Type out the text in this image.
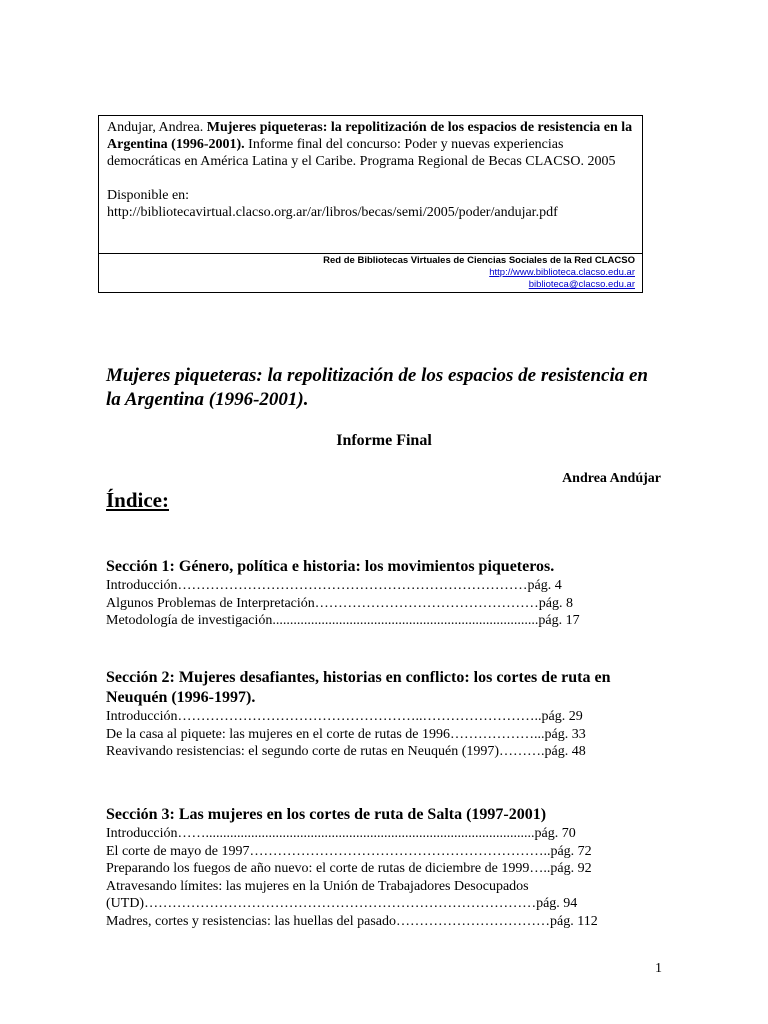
Andujar, Andrea. Mujeres piqueteras: la repolitización de los espacios de resistencia en la Argentina (1996-2001). Informe final del concurso: Poder y nuevas experiencias democráticas en América Latina y el Caribe. Programa Regional de Becas CLACSO. 2005

Disponible en:

http://bibliotecavirtual.clacso.org.ar/ar/libros/becas/semi/2005/poder/andujar.pdf

Red de Bibliotecas Virtuales de Ciencias Sociales de la Red CLACSO
http://www.biblioteca.clacso.edu.ar
biblioteca@clacso.edu.ar
Mujeres piqueteras: la repolitización de los espacios de resistencia en la Argentina (1996-2001).
Informe Final
Andrea Andújar
Índice:
Sección 1: Género, política e historia: los movimientos piqueteros.
Introducción…………………………………………………………………pág. 4
Algunos Problemas de Interpretación…………………………………………pág. 8
Metodología de investigación............................................................................pág. 17
Sección 2: Mujeres desafiantes, historias en conflicto: los cortes de ruta en Neuquén (1996-1997).
Introducción……………………………………………..……………………..pág. 29
De la casa al piquete: las mujeres en el corte de rutas de 1996………………...pág. 33
Reavivando resistencias: el segundo corte de rutas en Neuquén (1997)……….pág. 48
Sección 3: Las mujeres en los cortes de ruta de Salta (1997-2001)
Introducción……..............................................................................................pág. 70
El corte de mayo de 1997………………………………………………………..pág. 72
Preparando los fuegos de año nuevo: el corte de rutas de diciembre de 1999…..pág. 92
Atravesando límites: las mujeres en la Unión de Trabajadores Desocupados (UTD)…………………………………………………………………………pág. 94
Madres, cortes y resistencias: las huellas del pasado……………………………pág. 112
1
